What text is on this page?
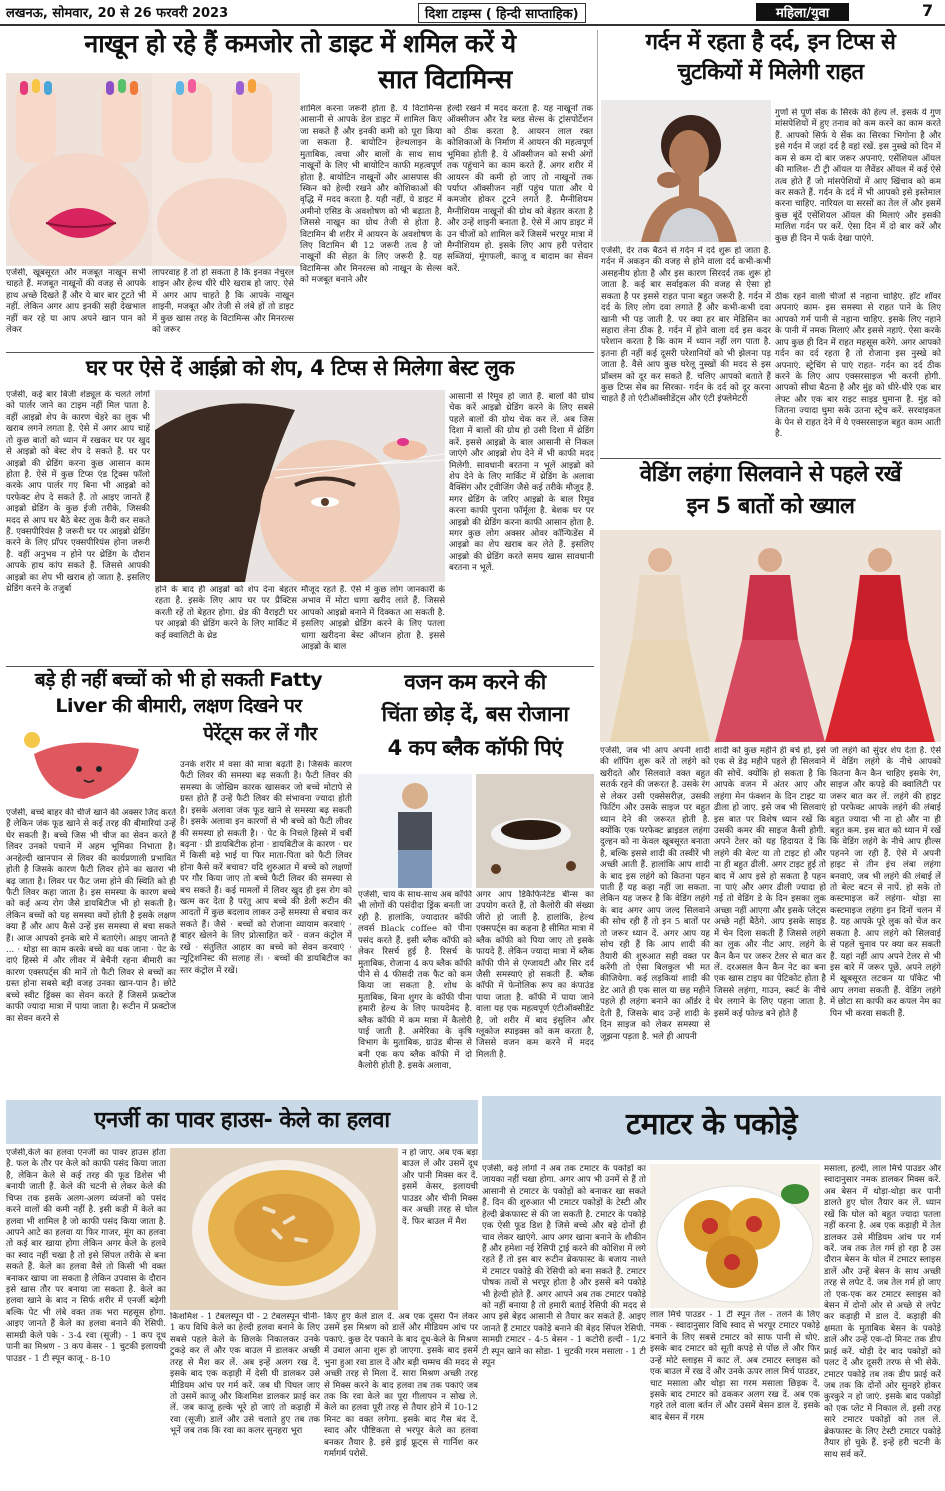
लखनऊ, सोमवार, 20 से 26 फरवरी 2023	दिशा टाइम्स ( हिन्दी साप्ताहिक)	महिला/युवा	7
नाखून हो रहे हैं कमजोर तो डाइट में शमिल करें ये
सात विटामिन्स
एजेंसी, खूबसूरत और मजबूत नाखून सभी चाहते हैं. मजबूत नाखूनों की वजह से आपके हाथ अच्छे दिखते हैं और ये बार बार टूटते भी नहीं. लेकिन अगर आप इनकी सही देखभाल नहीं कर रहे या आप अपने खान पान को लेकर
लापरवाह है तो हो सकता है कि इनका नेचुरल शाइन और हेल्थ धीरे धीरे खराब हो जाए. ऐसे में अगर आप चाहते है कि आपके नाखून शाइनी, मजबूत और तेजी से लंबे हों तो डाइट में कुछ खास तरह के विटामिन्स और मिनरल्स को जरूर
शामिल करना जरूरी होता है. ये विटामिन्स आसानी से आपके डेल डाइट में शामिल किए जा सकते हैं और इनकी कमी को पूरा किया जा सकता है. बायोटिन हेल्थलाइन के मुताबिक, त्वचा और बालों के साथ साथ नाखूनों के लिए भी बायोटिन काफी महत्वपूर्ण होता है. बायोटिन नाखूनों और आसपास की स्किन को हेल्दी रखने और कोशिकाओं की वृद्धि में मदद करता है. यही नहीं, ये डाइट में अमीनो एसिड के अवशोषण को भी बढ़ाता है, जिससे नाखून का ग्रोथ तेजी से होता है. विटामिन बी शरीर में आयरन के अवशोषण के लिए विटामिन बी 12 जरूरी तत्व है जो नाखूनों की सेहत के लिए जरूरी है. यह विटामिन्स और मिनरल्स को नाखून के सेल्स को मजबूत बनाने और
हेल्दी रखने में मदद करता है. यह नाखूनों तक ऑक्सीजन और रेड ब्लड सेल्स के ट्रांसपोर्टेशन को ठीक करता है. आयरन लाल रक्त कोशिकाओं के निर्माण में आयरन की महत्वपूर्ण भूमिका होती है. ये ऑक्सीजन को सभी अंगों तक पहुंचाने का काम करते हैं. अगर शरीर में आयरन की कमी हो जाए तो नाखूनों तक पर्याप्त ऑक्सीजन नहीं पहुंच पाता और ये कमजोर होकर टूटने लगते हैं. मैग्नीशियम मैग्नीशियम नाखूनों की ग्रोथ को बेहतर करता है और उन्हें शाइनी बनाता है. ऐसे में आप डाइट में उन चीजों को शामिल करें जिसमें भरपूर मात्रा में मैग्नीशियम हो. इसके लिए आप हरी पत्तेदार सब्जियां, मूंगफली, काजू व बादाम का सेवन करें.
गर्दन में रहता है दर्द, इन टिप्स से
चुटकियों में मिलेगी राहत
गुणों से पूर्ण सेंक के सिरके की हेल्प लें. इसके ये गुण मांसपेशियों में हुए तनाव को कम करने का काम करते हैं. आपको सिर्फ ये सेंक का सिरका भिगोना है और इसे गर्दन में जहां दर्द है वहां रखें. इस नुस्खे को दिन में कम से कम दो बार जरूर अपनाएं. एसेंशियल ऑयल की मालिश- टी ट्री ऑयल या लैवेंडर ऑयल में कई ऐसे तत्व होते हैं जो मांसपेशियों में आए खिंचाव को कम कर सकते हैं. गर्दन के दर्द में भी आपको इसे इस्तेमाल करना चाहिए. नारियल या सरसों का तेल लें और इसमें कुछ बूंदें एसेंशियल ऑयल की मिलाएं और इसकी मालिश गर्दन पर करें. ऐसा दिन में दो बार करें और कुछ ही दिन में फर्क देखा पाएंगे.
एजेंसी, देर तक बैठने से गर्दन में दर्द शुरू हो जाता है. गर्दन में अकड़न की वजह से होने वाला दर्द कभी-कभी असहनीय होता है और इस कारण सिरदर्द तक शुरू हो जाता है. कई बार सर्वाइकल की वजह से ऐसा हो सकता है पर इससे राहत पाना बहुत जरूरी है. गर्दन में दर्द के लिए लोग दवा लगाते हैं और कभी-कभी दवा खानी भी पड़ जाती है. पर क्या हर बार मेडिसिन का सहारा लेना ठीक है. गर्दन में होने वाला दर्द इस कदर परेशान करता है कि काम में ध्यान नहीं लग पाता है. इतना ही नहीं कई दूसरी परेशानियों को भी झेलना पड़ जाता है. वैसे आप कुछ घरेलू नुस्खों की मदद से इस प्रॉब्लम को दूर कर सकते हैं. चलिए आपको बताते हैं कुछ टिप्स सेब का सिरका- गर्दन के दर्द को दूर करना चाहते हैं तो एंटीऑक्सीडेंट्स और एंटी इंफ्लेमेटरी
ठीक रहने वाली चीजों से नहाना चाहिए. हॉट शॉवर अपनाएं काम- इस समस्या से राहत पाने के लिए आपको गर्म पानी से नहाना चाहिए. इसके लिए नहाने के पानी में नमक मिलाएं और इससे नहाएं. ऐसा करके आप कुछ ही दिन में राहत महसूस करेंगे. अगर आपको गर्दन का दर्द रहता है तो रोजाना इस नुस्खे को अपनाएं. स्ट्रेचिंग से पाएं राहत- गर्दन का दर्द ठीक करने के लिए आप एक्सरसाइज भी करनी होगी. आपको सीधा बैठना है और मुंह को धीरे-धीरे एक बार लेफ्ट और एक बार राइट साइड घुमाना है. मुंह को जितना ज्यादा घुमा सके उतना स्ट्रेच करें. सरवाइकल के पेन से राहत देने में ये एक्सरसाइज बहुत काम आती है.
घर पर ऐसे दें आईब्रो को शेप, 4 टिप्स से मिलेगा बेस्ट लुक
एजेंसी, कई बार बिजी शेड्यूल के चलते लोगों को पार्लर जाने का टाइम नहीं मिल पाता है. वहीं आइब्रो शेप के कारण चेहरे का लुक भी खराब लगने लगता है. ऐसे में अगर आप चाहें तो कुछ बातों को ध्यान में रखकर घर पर खुद से आइब्रो को बेस्ट शेप दे सकते हैं. घर पर आइब्रो की थ्रेडिंग करना कुछ आसान काम होता है. ऐसे में कुछ टिप्स एंड ट्रिक्स फॉलो करके आप पार्लर गए बिना भी आइब्रो को परफेक्ट शेप दे सकते हैं. तो आइए जानते हैं आइब्रो थ्रेडिंग के कुछ ईजी तरीके, जिसकी मदद से आप घर बैठे बेस्ट लुक कैरी कर सकते हैं. एक्सपीरियंस है जरूरी घर पर आइब्रो थ्रेडिंग करने के लिए प्रॉपर एक्सपीरियंस होना जरूरी है. वहीं अनुभव न होने पर थ्रेडिंग के दौरान आपके हाथ कांप सकते हैं. जिससे आपकी आइब्रो का शेप भी खराब हो जाता है. इसलिए थ्रेडिंग करने के तजुर्बा	होने के बाद ही आइब्रो को शेप देना बेहतर रहता है. इसके लिए आप घर पर प्रैक्टिस करती रहें तो बेहतर होगा. थ्रेड की वैराइटी घर पर आइब्रो की थ्रेडिंग करने के लिए मार्किट में कई क्वालिटी के थ्रेड
मौजूद रहते हैं. ऐसे में कुछ लोग जानकारी के अभाव में मोटा धागा खरीद लाते हैं. जिससे आपको आइब्रो बनाने में दिक्कत आ सकती है. इसलिए आइब्रो थ्रेडिंग करने के लिए पतला धागा खरीदना बेस्ट ऑप्शन होता है. इससे आइब्रो के बाल
आसानी से रिमूव हो जाते हैं. बालों की ग्रोथ चेक करें आइब्रो थ्रेडिंग करने के लिए सबसे पहले बालों की ग्रोथ चेक कर लें. अब जिस दिशा में बालों की ग्रोथ हो उसी दिशा में थ्रेडिंग करें. इससे आइब्रो के बाल आसानी से निकल जाएंगे और आइब्रो शेप देने में भी काफी मदद मिलेगी. सावधानी बरतना न भूलें आइब्रो को शेप देने के लिए मार्किट में थ्रेडिंग के अलावा वैक्सिंग और ट्वीजिंग जैसे कई तरीके मौजूद हैं. मगर थ्रेडिंग के जरिए आइब्रो के बाल रिमूव करना काफी पुराना फॉर्मूला है. बेशक घर पर आइब्रो की थ्रेडिंग करना काफी आसान होता है. मगर कुछ लोग अक्सर ओवर कॉन्फिडेंस में आइब्रो का शेप खराब कर लेते हैं. इसलिए आइब्रो की थ्रेडिंग करते समय खास सावधानी बरतना न भूलें.
वेडिंग लहंगा सिलवाने से पहले रखें
इन 5 बातों को ख्याल
एजेंसी, जब भी आप अपनी शादी की शॉपिंग शुरू करें तो लहंगे को खरीदते और सिलवाते वक्त बहुत सतर्क रहने की जरूरत है. उसके रंग से लेकर उसी एक्सेसरीज़, उसकी फिटिंग और उसके साइज पर बहुत ध्यान देने की जरूरत होती है. क्योंकि एक परफेक्ट ब्राइडल लहंगा दुल्हन को ना केवल खूबसूरत बनाता है, बल्कि इससे शादी की तस्वीरें भी अच्छी आती हैं. हालांकि आप शादी के बाद इस लहंगे को कितना पहन पाती हैं यह कहा नहीं जा सकता. लेकिन यह जरूर है कि वेडिंग लहंगे के बाद अगर आप जल्द सिलवाने की सोच रही हैं तो इन 5 बातों पर तो जरूर ध्यान दें. अगर आप यह सोच रही हैं कि आप शादी की तैयारी की शुरुआत सही वक्त पर करेंगी तो ऐसा बिलकुल भी मत कीजियेगा. कई लड़कियां शादी की डेट आते ही एक साल या छह महीने पहले ही लहंगा बनाने का ऑर्डर दे देती हैं, जिसके बाद उन्हें शादी के दिन साइज को लेकर समस्या से जूझना पड़ता है. भले ही आपनी
शादी को कुछ महीने ही बचे हो, इसे एक से डेढ़ महीने पहले ही सिलवाने की सोचें. क्योंकि हो सकता है कि आपके वजन में अंतर आए और लहंगा मेन फंक्शन के दिन टाइट या ढीला हो जाए. इसे जब भी सिलवाएं इस बात पर विशेष ध्यान रखें कि उसकी कमर की साइज कैसी होगी. अपने टेलर को यह हिदायत दें कि लहंगे की बेल्ट या तो टाइट हो और ना ही बहुत ढीली. अगर टाइट हुई तो बाद में आप इसे हो सकता है पहन ना पाएं और अगर ढीली ज्यादा हो गई तो वेडिंग डे के दिन इसका लुक अच्छा नहीं आएगा और इसके प्लेट्स अच्छे नहीं बैठेंगे. आप इसके साइड में चेन दिला सकती हैं जिससे लहंगे का लुक और नीट आए. लहंगे के कैन कैन पर जरूर टेलर से बात कर लें. दरअसल कैन कैन नेट का बना एक खास टाइप का पेटिकोट होता है जिससे लहंगा, गाउन, स्कर्ट के नीचे घेर लगाने के लिए पहना जाता है. इसमें कई फोल्ड बने होते हैं
जो लहंगे को सुंदर शेप देता है. ऐसे में वेडिंग लहंगे के नीचे आपको कितना कैन कैन चाहिए इसके रंग, साइज और कपड़े की क्वालिटी पर जरूर बात कर लें. लहंगे की हाइट हो परफेक्ट आपके लहंगे की लंबाई बहुत ज्यादा भी ना हो और ना ही बहुत कम. इस बात को ध्यान में रखें कि वेडिंग लहंगे के नीचे आप हील्स पहनने जा रही हैं. ऐसे में अपनी हाइट से तीन इंच लंबा लहंगा बनवाएं, जब भी लहंगे की लंबाई लें तो बेल्ट बटन से नापें. हो सके तो कस्टमाइज करें लहंगा- थोड़ा सा कस्टमाइज लहंगा इन दिनों चलन में है. यह आपके पूरे लुक को चेंज कर सकता है. आप लहंगे को सिलवाई से पहले चुनाव पर क्या कर सकती हैं. यहां नहीं आप अपने टेलर से भी इस बारे में जरूर पूछें. अपने लहंगे में खूबसूरत लटकन या पॉकेट भी आप लगवा सकती हैं. वेडिंग लहंगे में छोटा सा काफी कर कपल नेम का पिन भी करवा सकती हैं.
बड़े ही नहीं बच्चों को भी हो सकती Fatty
Liver की बीमारी, लक्षण दिखने पर
पेरेंट्स कर लें गौर
एजेंसी, बच्चे बाहर की चीजें खाने की अक्सर जिद करते हैं लेकिन जंक फूड खाने से कई तरह की बीमारियां उन्हें घेर सकती हैं। बच्चे जिस भी चीज का सेवन करते हैं लिवर उनको पचाने में अहम भूमिका निभाता है। अनहेल्दी खानपान से लिवर की कार्यप्रणाली प्रभावित होती है जिसके कारण फैटी लिवर होने का खतरा भी बढ़ जाता है। लिवर पर फैट जमा होने की स्थिति को ही फैटी लिवर कहा जाता है। इस समस्या के कारण बच्चे को कई अन्य रोग जैसे डायबिटीज भी हो सकती है। लेकिन बच्चों को यह समस्या क्यों होती है इसके लक्षण क्या हैं और आप कैसे उन्हें इस समस्या से बचा सकते हैं। आज आपको इनके बारे में बताएंगे। आइए जानते हैं ... · थोड़ा सा काम करके बच्चे का थक जाना · पेट के दाएं हिस्से में और लीवर में बेचैनी रहना बीमारी का कारण एक्सपर्ट्स की मानें तो फैटी लिवर से बच्चों का ग्रस्त होना सबसे बड़ी वजह उनका खान-पान है। छोटे बच्चे स्वीट ड्रिंक्स का सेवन करते हैं जिसमें फ्रक्टोज काफी ज्यादा मात्रा में पाया जाता है। रूटीन में फ्रक्टोज का सेवन करने से
उनके शरीर में वसा की मात्रा बढ़ती है। जिसके कारण फैटी लिवर की समस्या बढ़ सकती है। फैटी लिवर की समस्या के जोखिम कारक खासकर जो बच्चे मोटापे से ग्रस्त होते हैं उन्हें फैटी लिवर की संभावना ज्यादा होती है। इसके अलावा जंक फूड खाने से समस्या बढ़ सकती है। इसके अलावा इन कारणों से भी बच्चे को फैटी लीवर की समस्या हो सकती है। · पेट के निचले हिस्से में चर्बी बढ़ना · प्री डायबिटीक होना · डायबिटीज के कारण · घर में किसी बड़े भाई या फिर माता-पिता को फैटी लिवर होना कैसे करें बचाव? यदि शुरुआत में बच्चे को लक्षणों पर गौर किया जाए तो बच्चे फैटी लिवर की समस्या से बच सकते हैं। कई मामलों में लिवर खुद ही इस रोग को खत्म कर देता है परंतु आप बच्चे की डेली रूटीन की आदतों में कुछ बदलाव लाकर उन्हें समस्या से बचाव कर सकते हैं। जैसे · बच्चों को रोजाना व्यायाम करवाएं · बाहर खेलने के लिए प्रोत्साहित करें · वजन कंट्रोल में रखें · संतुलित आहार का बच्चे को सेवन करवाएं · न्यूट्रिशनिस्ट की सलाह लें। · बच्चों की डायबिटीज का स्तर कंट्रोल में रखें।
वजन कम करने की
चिंता छोड़ दें, बस रोजाना
4 कप ब्लैक कॉफी पिएं
एजेंसी, चाय के साथ-साथ अब कॉफी भी लोगों की पसंदीदा ड्रिंक बनती जा रही है. हालांकि, ज्यादातर कॉफी लवर्स Black coffee को पीना पसंद करते हैं. इसी ब्लैक कॉफी को लेकर रिसर्च हुई है. रिसर्च के मुताबिक, रोजाना 4 कप ब्लैक कॉफी पीने से 4 फीसदी तक फैट को कम किया जा सकता है. शोध के मुताबिक, बिना शुगर के कॉफी पीना हमारी हेल्थ के लिए फायदेमंद है. ब्लैक कॉफी में कम मात्रा में कैलोरी पाई जाती है. अमेरिका के कृषि विभाग के मुताबिक, ग्राउंड बीन्स से बनी एक कप ब्लैक कॉफी में दो कैलोरी होती है. इसके अलावा,
अगर आप डिकैफिनेटेड बीन्स का उपयोग करते हैं, तो कैलोरी की संख्या जीरो हो जाती है. हालांकि, हेल्थ एक्सपर्ट्स का कहना है सीमित मात्रा में ब्लैक कॉफी को पिया जाए तो इसके फायदे हैं. लेकिन ज्यादा मात्रा में ब्लैक कॉफी पीने से एंग्जायटी और सिर दर्द जैसी समस्याएं हो सकती हैं. ब्लैक कॉफी में फेनोलिक रूप का कंपाउंड पाया जाता है. कॉफी में पाया जाने वाला यह एक महत्वपूर्ण एंटीऑक्सीडेंट है, जो शरीर में बाद इंसुलिन और ग्लूकोज स्पाइक्स को कम करता है, जिससे वजन कम करने में मदद मिलती है.
एनर्जी का पावर हाउस- केले का हलवा
एजेंसी,केले का हलवा एनर्जी का पावर हाउस होता है. फल के तौर पर केले को काफी पसंद किया जाता है, लेकिन केले से कई तरह की फूड डिशेस भी बनायी जाती हैं. केले की चटनी से लेकर केले की चिप्स तक इसके अलग-अलग व्यंजनों को पसंद करने वालों की कमी नहीं है. इसी कड़ी में केले का हलवा भी शामिल है जो काफी पसंद किया जाता है. आपने आटे का हलवा या फिर गाजर, मूंग का हलवा तो कई बार खाया होगा लेकिन अगर केले के हलवे का स्वाद नहीं चखा है तो इसे सिंपल तरीके से बना सकते हैं. केले का हलवा वैसे तो किसी भी वक्त बनाकर खाया जा सकता है लेकिन उपवास के दौरान इसे खास तौर पर बनाया जा सकता है. केले का हलवा खाने के बाद न सिर्फ शरीर में एनर्जी बढ़ेगी बल्कि पेट भी लंबे वक्त तक भरा महसूस होगा. आइए जानते हैं केले का हलवा बनाने की रेसिपी. सामग्री केले पके - 3-4 रवा (सूजी) - 1 कप दूध पानी का मिश्रण - 3 कप केसर - 1 चुटकी इलायची पाउडर - 1 टी स्पून काजू - 8-10
न हो जाए. अब एक बड़ा बाउल लें और उसमें दूध और पानी मिक्स कर दें. इसमें केसर, इलायची पाउडर और चीनी मिक्स कर अच्छी तरह से घोल दें. फिर बाउल में मैश
किशमिश - 1 टेबलस्पून घी - 2 टेबलस्पून चीनी- 1 कप विधि केले का हेल्दी हलवा बनाने के लिए सबसे पहले केले के छिलके निकालकर उनके टुकड़े कर लें और एक बाउल में डालकर अच्छी तरह से मैश कर लें. अब इन्हें अलग रख दें. इसके बाद एक कड़ाही में देसी घी डालकर उसे मीडियम आंच पर गर्म करें. जब घी पिघल जाए तो उसमें काजू और किशमिश डालकर फ्राई कर लें. जब काजू हल्के भूरे हो जाएं तो कड़ाही में रवा (सूजी) डालें और उसे चलाते हुए तब तक भूनें जब तक कि रवा का कलर सुनहरा भूरा
किए हुए केले डाल दें. अब एक दूसरा पैन लेकर उसमें इस मिश्रण को डालें और मीडियम आंच पर पकाएं. कुछ देर पकाने के बाद दूध-केले के मिश्रण में उबाल आना शुरू हो जाएगा. इसके बाद इसमें भुना हुआ रवा डाल दें और बड़ी चम्मच की मदद से अच्छी तरह से मिला दें. सारा मिश्रण अच्छी तरह से मिक्स करने के बाद हलवा तब तक पकाएं जब तक कि रवा केले का पूरा गीलापन न सोख ले. केले का हलवा पूरी तरह से तैयार होने में 10-12 मिनट का वक्त लगेगा. इसके बाद गैस बंद दें. स्वाद और पौष्टिकता से भरपूर केले का हलवा बनकर तैयार है. इसे ड्राई फ्रूट्स से गार्निश कर गर्मागर्म परोसें.
टमाटर के पकोड़े
एजेंसी, कई लोगों ने अब तक टमाटर के पकोड़ों का जायका नहीं चखा होगा. अगर आप भी उनमें से हैं तो आसानी से टमाटर के पकोड़ों को बनाकर खा सकते हैं. दिन की शुरुआत भी टमाटर पकोड़ों के टेस्टी और हेल्दी ब्रेकफास्ट से की जा सकती है. टमाटर के पकोड़े एक ऐसी फूड डिश है जिसे बच्चे और बड़े दोनों ही चाव लेकर खाएंगे. आप अगर खाना बनाने के शौकीन हैं और हमेशा नई रेसिपी ट्राई करने की कोशिश में लगे रहते हैं तो इस बार रूटीन ब्रेकफास्ट के बजाय नाश्ते में टमाटर पकोड़े की रेसिपी को बना सकते हैं. टमाटर पोषक तत्वों से भरपूर होता है और इससे बने पकोड़े भी हेल्दी होते हैं. अगर आपने अब तक टमाटर पकोड़े को नहीं बनाया है तो हमारी बताई रेसिपी की मदद से आप इसे बेहद आसानी से तैयार कर सकते हैं. आइए जानते हैं टमाटर पकोड़े बनाने की बेहद सिंपल रेसिपी. सामग्री टमाटर - 4-5 बेसन - 1 कटोरी हल्दी - 1/2 टी स्पून खाने का सोडा- 1 चुटकी गरम मसाला - 1 टी स्पून
लाल मिर्च पाउडर - 1 टी स्पून तेल - तलने के लिए नमक - स्वादानुसार विधि स्वाद से भरपूर टमाटर पकोड़े बनाने के लिए सबसे टमाटर को साफ पानी से धोएं. इसके बाद टमाटर को सूती कपड़े से पोंछ लें और फिर उन्हें मोटे स्लाइस में काट लें. अब टमाटर स्लाइस को एक बाउल में रख दें और उनके ऊपर लाल मिर्च पाउडर, चाट मसाला और थोड़ा सा गरम मसाला छिड़क दें. इसके बाद टमाटर को ढककर अलग रख दें. अब एक गहरे तले वाला बर्तन लें और उसमें बेसन डाल दें. इसके बाद बेसन में गरम
मसाला, हल्दी, लाल मिर्च पाउडर और स्वादानुसार नमक डालकर मिक्स करें. अब बेसन में थोड़ा-थोड़ा कर पानी डालते हुए घोल तैयार कर लें. ध्यान रखें कि घोल को बहुत ज्यादा पतला नहीं करना है. अब एक कड़ाही में तेल डालकर उसे मीडियम आंच पर गर्म करें. जब तक तेल गर्म हो रहा है उस दौरान बेसन के घोल में टमाटर स्लाइस डालें और उन्हें बेसन के साथ अच्छी तरह से लपेट दें. जब तेल गर्म हो जाए तो एक-एक कर टमाटर स्लाइस को बेसन में दोनों ओर से अच्छे से लपेट कर कड़ाही में डाल दें. कड़ाही की क्षमता के मुताबिक बेसन के पकोड़े डालें और उन्हें एक-दो मिनट तक डीप फ्राई करें. थोड़ी देर बाद पकोड़ों को पलट दें और दूसरी तरफ से भी सेकें. टमाटर पकोड़े तब तक डीप फ्राई करें जब तक कि दोनों ओर सुनहरे होकर कुरकुरे न हो जाएं. इसके बाद पकोड़ों को एक प्लेट में निकाल लें. इसी तरह सारे टमाटर पकोड़ों को तल लें. ब्रेकफास्ट के लिए टेस्टी टमाटर पकोड़े तैयार हो चुके हैं. इन्हें हरी चटनी के साथ सर्व करें.
